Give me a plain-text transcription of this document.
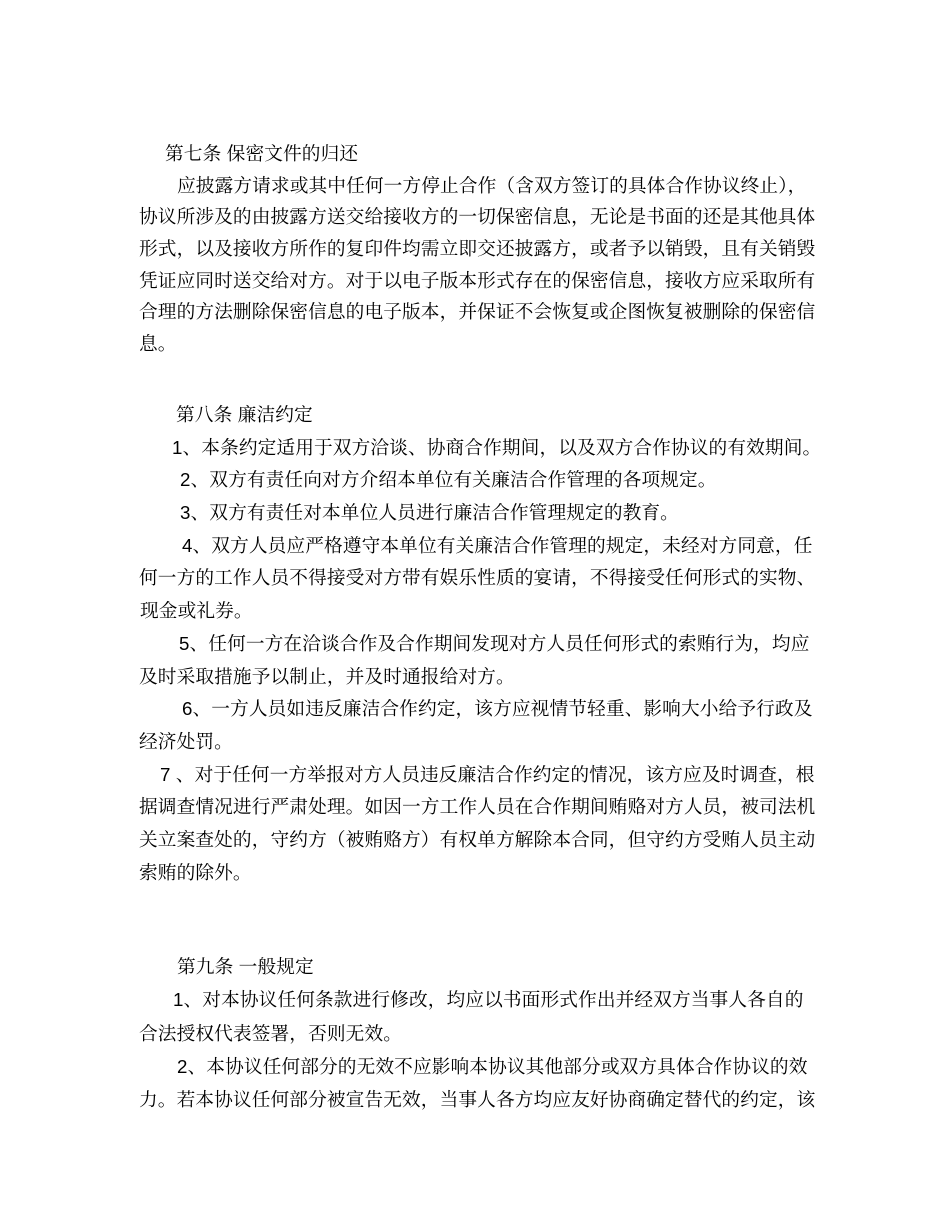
第七条 保密文件的归还
应披露方请求或其中任何一方停止合作（含双方签订的具体合作协议终止），
协议所涉及的由披露方送交给接收方的一切保密信息，无论是书面的还是其他具体
形式，以及接收方所作的复印件均需立即交还披露方，或者予以销毁，且有关销毁
凭证应同时送交给对方。对于以电子版本形式存在的保密信息，接收方应采取所有
合理的方法删除保密信息的电子版本，并保证不会恢复或企图恢复被删除的保密信
息。
第八条 廉洁约定
1、本条约定适用于双方洽谈、协商合作期间，以及双方合作协议的有效期间。
2、双方有责任向对方介绍本单位有关廉洁合作管理的各项规定。
3、双方有责任对本单位人员进行廉洁合作管理规定的教育。
4、双方人员应严格遵守本单位有关廉洁合作管理的规定，未经对方同意，任
何一方的工作人员不得接受对方带有娱乐性质的宴请，不得接受任何形式的实物、
现金或礼券。
5、任何一方在洽谈合作及合作期间发现对方人员任何形式的索贿行为，均应
及时采取措施予以制止，并及时通报给对方。
6、一方人员如违反廉洁合作约定，该方应视情节轻重、影响大小给予行政及
经济处罚。
7 、对于任何一方举报对方人员违反廉洁合作约定的情况，该方应及时调查，根
据调查情况进行严肃处理。如因一方工作人员在合作期间贿赂对方人员，被司法机
关立案查处的，守约方（被贿赂方）有权单方解除本合同，但守约方受贿人员主动
索贿的除外。
第九条 一般规定
1、对本协议任何条款进行修改，均应以书面形式作出并经双方当事人各自的
合法授权代表签署，否则无效。
2、本协议任何部分的无效不应影响本协议其他部分或双方具体合作协议的效
力。若本协议任何部分被宣告无效，当事人各方均应友好协商确定替代的约定，该
